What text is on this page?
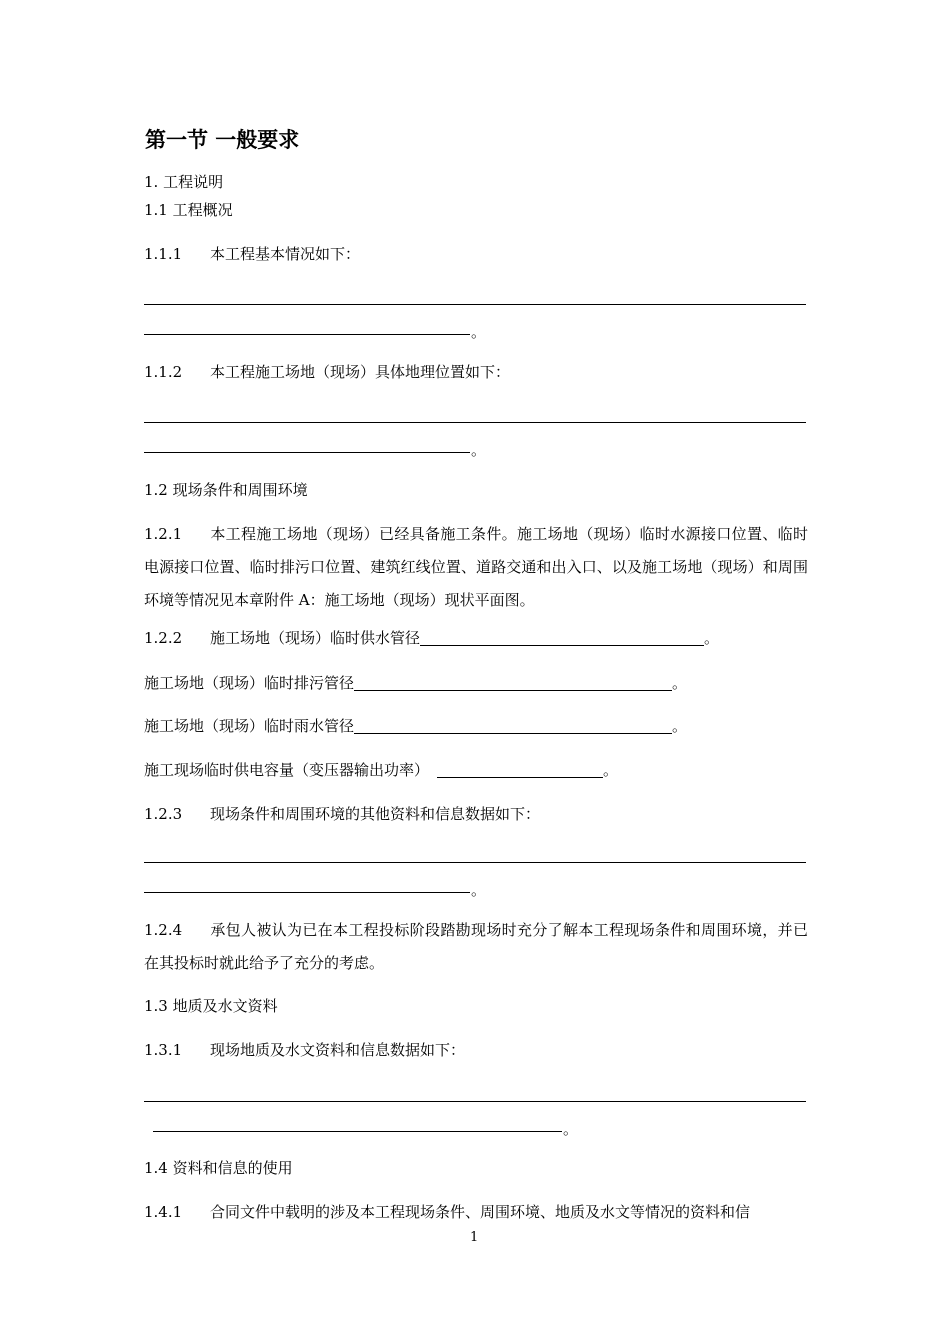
第一节 一般要求
1. 工程说明
1.1 工程概况
1.1.1 本工程基本情况如下：
。
1.1.2 本工程施工场地（现场）具体地理位置如下：
。
1.2 现场条件和周围环境
1.2.1 本工程施工场地（现场）已经具备施工条件。施工场地（现场）临时水源接口位置、临时电源接口位置、临时排污口位置、建筑红线位置、道路交通和出入口、以及施工场地（现场）和周围环境等情况见本章附件 A：施工场地（现场）现状平面图。
1.2.2 施工场地（现场）临时供水管径	。
施工场地（现场）临时排污管径	。
施工场地（现场）临时雨水管径	。
施工现场临时供电容量（变压器输出功率）	。
1.2.3 现场条件和周围环境的其他资料和信息数据如下：
。
1.2.4 承包人被认为已在本工程投标阶段踏勘现场时充分了解本工程现场条件和周围环境，并已在其投标时就此给予了充分的考虑。
1.3 地质及水文资料
1.3.1 现场地质及水文资料和信息数据如下：
。
1.4 资料和信息的使用
1.4.1 合同文件中载明的涉及本工程现场条件、周围环境、地质及水文等情况的资料和信
1
